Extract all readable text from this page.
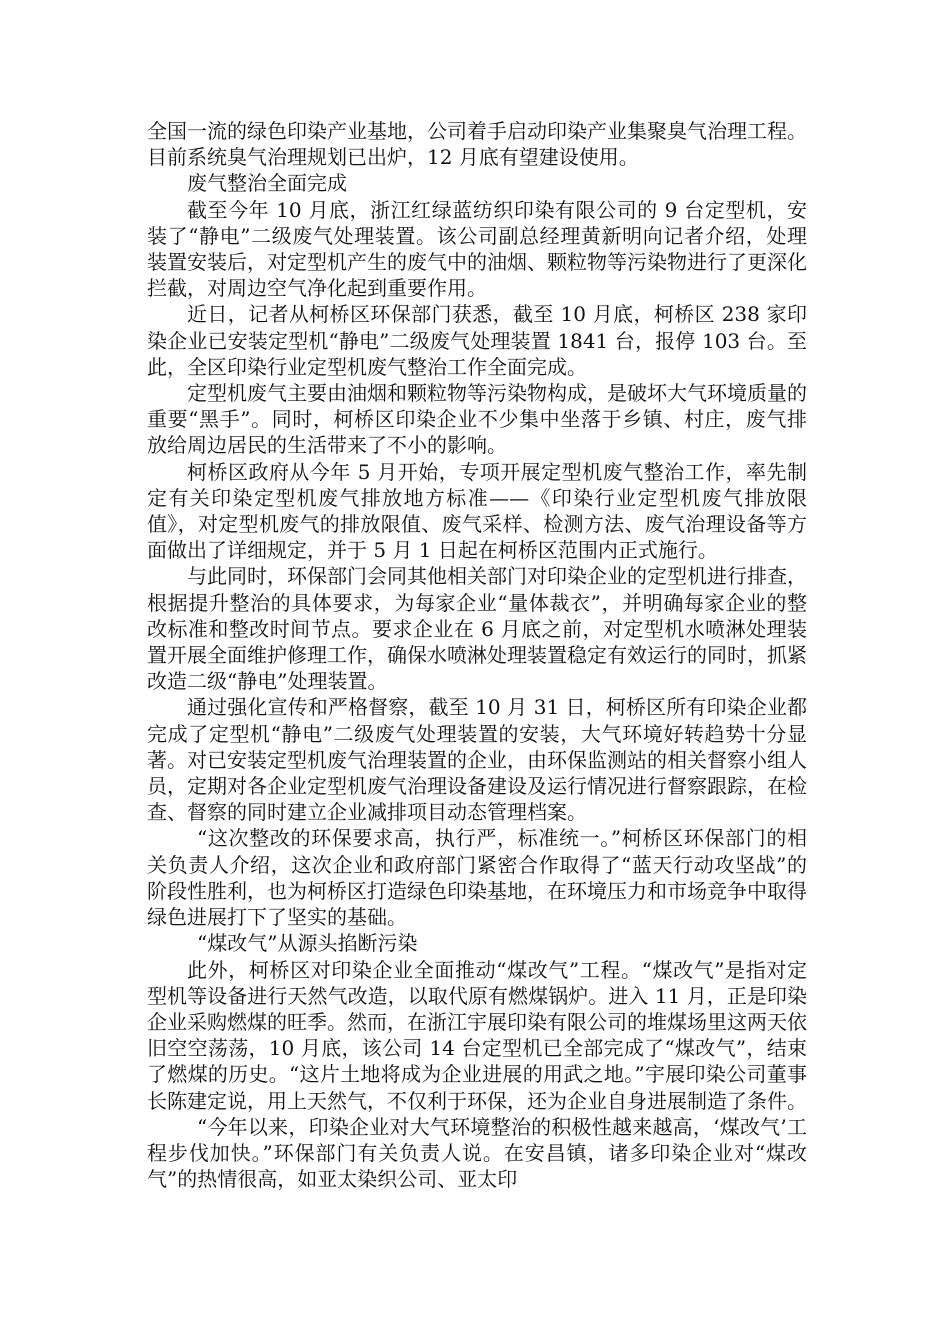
全国一流的绿色印染产业基地，公司着手启动印染产业集聚臭气治理工程。目前系统臭气治理规划已出炉，12 月底有望建设使用。

废气整治全面完成

截至今年 10 月底，浙江红绿蓝纺织印染有限公司的 9 台定型机，安装了“静电”二级废气处理装置。该公司副总经理黄新明向记者介绍，处理装置安装后，对定型机产生的废气中的油烟、颗粒物等污染物进行了更深化拦截，对周边空气净化起到重要作用。

近日，记者从柯桥区环保部门获悉，截至 10 月底，柯桥区 238 家印染企业已安装定型机“静电”二级废气处理装置 1841 台，报停 103 台。至此，全区印染行业定型机废气整治工作全面完成。

定型机废气主要由油烟和颗粒物等污染物构成，是破坏大气环境质量的重要“黑手”。同时，柯桥区印染企业不少集中坐落于乡镇、村庄，废气排放给周边居民的生活带来了不小的影响。

柯桥区政府从今年 5 月开始，专项开展定型机废气整治工作，率先制定有关印染定型机废气排放地方标准——《印染行业定型机废气排放限值》，对定型机废气的排放限值、废气采样、检测方法、废气治理设备等方面做出了详细规定，并于 5 月 1 日起在柯桥区范围内正式施行。

与此同时，环保部门会同其他相关部门对印染企业的定型机进行排查，根据提升整治的具体要求，为每家企业“量体裁衣”，并明确每家企业的整改标准和整改时间节点。要求企业在 6 月底之前，对定型机水喷淋处理装置开展全面维护修理工作，确保水喷淋处理装置稳定有效运行的同时，抓紧改造二级“静电”处理装置。

通过强化宣传和严格督察，截至 10 月 31 日，柯桥区所有印染企业都完成了定型机“静电”二级废气处理装置的安装，大气环境好转趋势十分显著。对已安装定型机废气治理装置的企业，由环保监测站的相关督察小组人员，定期对各企业定型机废气治理设备建设及运行情况进行督察跟踪，在检查、督察的同时建立企业减排项目动态管理档案。

“这次整改的环保要求高，执行严，标准统一。”柯桥区环保部门的相关负责人介绍，这次企业和政府部门紧密合作取得了“蓝天行动攻坚战”的阶段性胜利，也为柯桥区打造绿色印染基地，在环境压力和市场竞争中取得绿色进展打下了坚实的基础。

“煤改气”从源头掐断污染

此外，柯桥区对印染企业全面推动“煤改气”工程。“煤改气”是指对定型机等设备进行天然气改造，以取代原有燃煤锅炉。进入 11 月，正是印染企业采购燃煤的旺季。然而，在浙江宇展印染有限公司的堆煤场里这两天依旧空空荡荡，10 月底，该公司 14 台定型机已全部完成了“煤改气”，结束了燃煤的历史。“这片土地将成为企业进展的用武之地。”宇展印染公司董事长陈建定说，用上天然气，不仅利于环保，还为企业自身进展制造了条件。

“今年以来，印染企业对大气环境整治的积极性越来越高，‘煤改气’工程步伐加快。”环保部门有关负责人说。在安昌镇，诸多印染企业对“煤改气”的热情很高，如亚太染织公司、亚太印
